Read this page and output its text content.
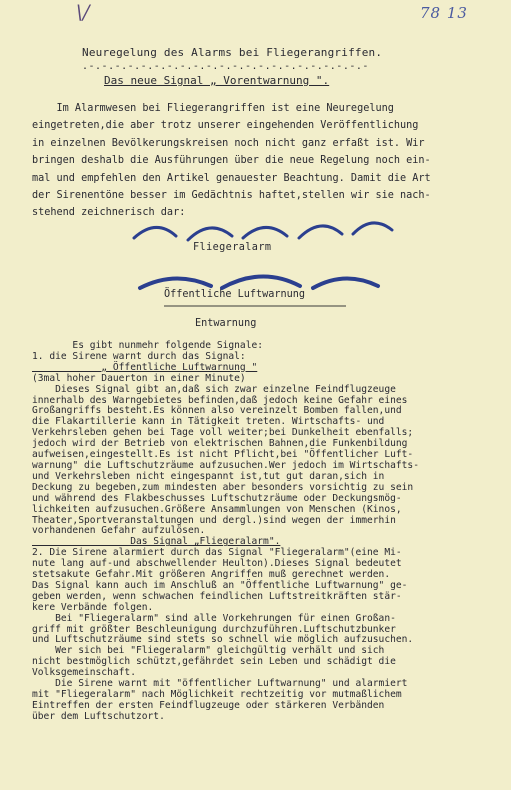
\/	78 13
Neuregelung des Alarms bei Fliegerangriffen.
.-.-.-.-.-.-.-.-.-.-.-.-.-.-.-.-.-.-.-.-.-.-
Das neue Signal „ Vorentwarnung ".
Im Alarmwesen bei Fliegerangriffen ist eine Neuregelung
eingetreten,die aber trotz unserer eingehenden Veröffentlichung
in einzelnen Bevölkerungskreisen noch nicht ganz erfaßt ist. Wir
bringen deshalb die Ausführungen über die neue Regelung noch ein-
mal und empfehlen den Artikel genauester Beachtung. Damit die Art
der Sirenentöne besser im Gedächtnis haftet,stellen wir sie nach-
stehend zeichnerisch dar:
Fliegeralarm
Öffentliche Luftwarnung
Entwarnung
Es gibt nunmehr folgende Signale:
1. die Sirene warnt durch das Signal:
„ Öffentliche Luftwarnung "
(3mal hoher Dauerton in einer Minute)
Dieses Signal gibt an,daß sich zwar einzelne Feindflugzeuge
innerhalb des Warngebietes befinden,daß jedoch keine Gefahr eines
Großangriffs besteht.Es können also vereinzelt Bomben fallen,und
die Flakartillerie kann in Tätigkeit treten. Wirtschafts- und
Verkehrsleben gehen bei Tage voll weiter;bei Dunkelheit ebenfalls;
jedoch wird der Betrieb von elektrischen Bahnen,die Funkenbildung
aufweisen,eingestellt.Es ist nicht Pflicht,bei "Öffentlicher Luft-
warnung" die Luftschutzräume aufzusuchen.Wer jedoch im Wirtschafts-
und Verkehrsleben nicht eingespannt ist,tut gut daran,sich in
Deckung zu begeben,zum mindesten aber besonders vorsichtig zu sein
und während des Flakbeschusses Luftschutzräume oder Deckungsmög-
lichkeiten aufzusuchen.Größere Ansammlungen von Menschen (Kinos,
Theater,Sportveranstaltungen und dergl.)sind wegen der immerhin
vorhandenen Gefahr aufzulösen.
Das Signal „Fliegeralarm".
2. Die Sirene alarmiert durch das Signal "Fliegeralarm"(eine Mi-
nute lang auf-und abschwellender Heulton).Dieses Signal bedeutet
stetsakute Gefahr.Mit größeren Angriffen muß gerechnet werden.
Das Signal kann auch im Anschluß an "Öffentliche Luftwarnung" ge-
geben werden, wenn schwachen feindlichen Luftstreitkräften stär-
kere Verbände folgen.
Bei "Fliegeralarm" sind alle Vorkehrungen für einen Großan-
griff mit größter Beschleunigung durchzuführen.Luftschutzbunker
und Luftschutzräume sind stets so schnell wie möglich aufzusuchen.
Wer sich bei "Fliegeralarm" gleichgültig verhält und sich
nicht bestmöglich schützt,gefährdet sein Leben und schädigt die
Volksgemeinschaft.
Die Sirene warnt mit "öffentlicher Luftwarnung" und alarmiert
mit "Fliegeralarm" nach Möglichkeit rechtzeitig vor mutmaßlichem
Eintreffen der ersten Feindflugzeuge oder stärkeren Verbänden
über dem Luftschutzort.
